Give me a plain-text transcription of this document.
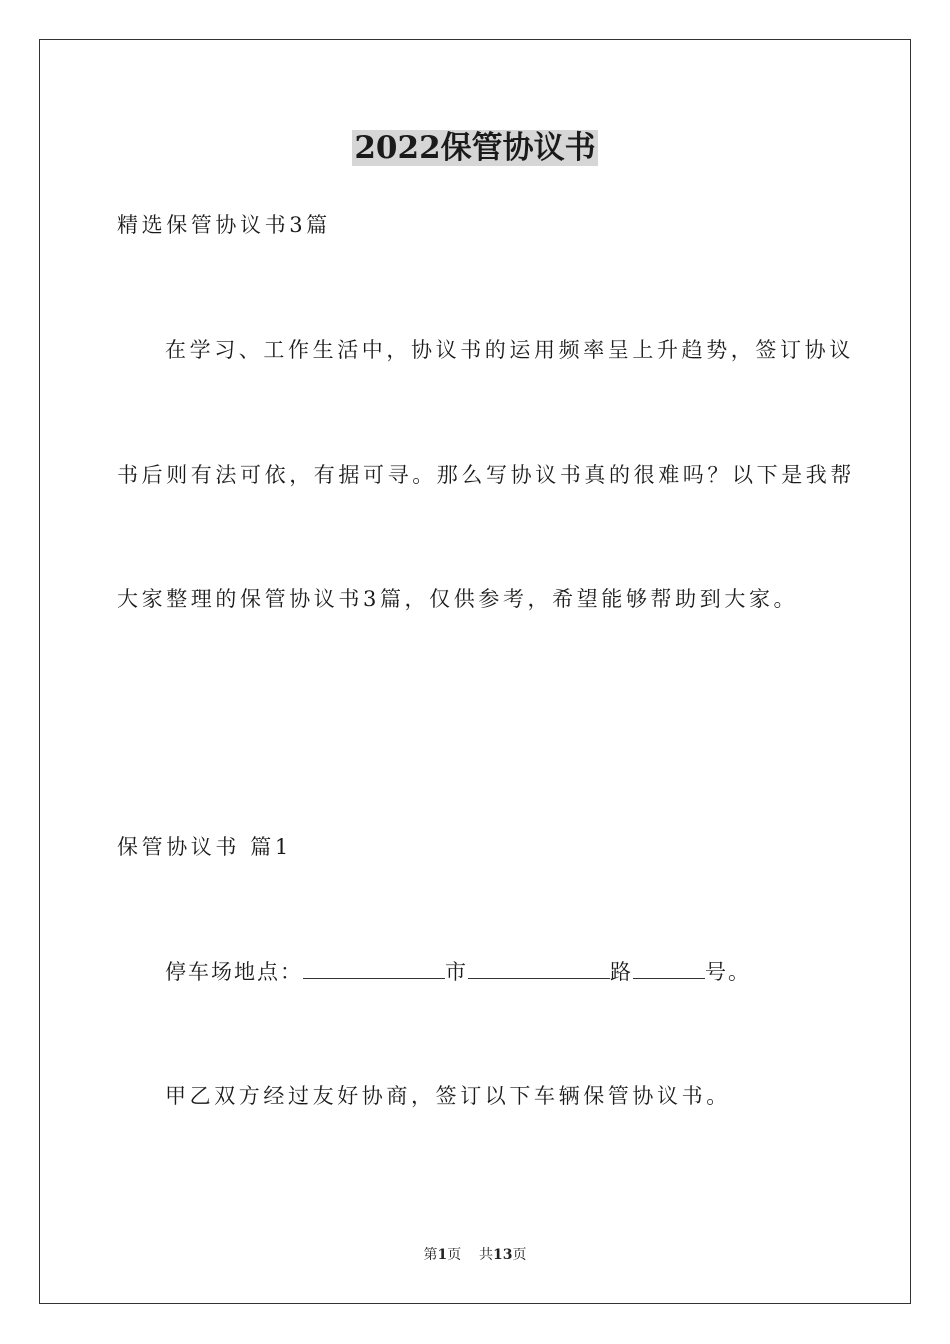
2022保管协议书

精选保管协议书3篇

在学习、工作生活中，协议书的运用频率呈上升趋势，签订协议

书后则有法可依，有据可寻。那么写协议书真的很难吗？以下是我帮

大家整理的保管协议书3篇，仅供参考，希望能够帮助到大家。

保管协议书 篇1

停车场地点：	市	路	号。

甲乙双方经过友好协商，签订以下车辆保管协议书。

第1页 共13页
